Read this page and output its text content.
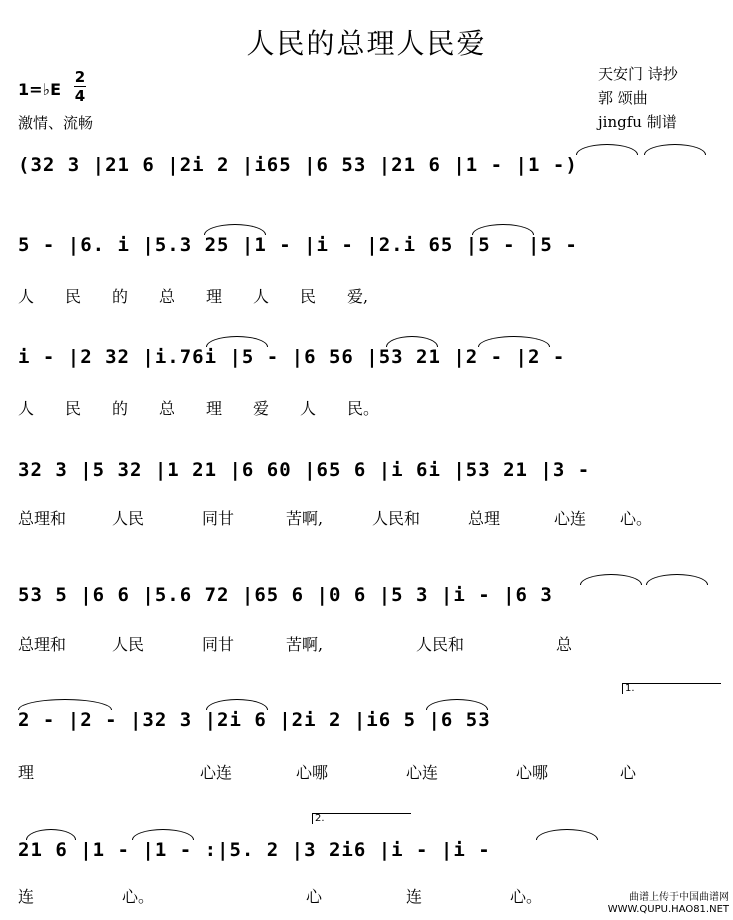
人民的总理人民爱
1=♭E
2
4
激情、流畅
天安门 诗抄
郭 颂曲
jingfu 制谱
(32 3 |21 6 |2i 2 |i65 |6 53 |21 6 |1 - |1 -)
5 - |6. i |5.3 25 |1 - |i - |2.i 65 |5 - |5 -
人 民 的 总 理 人 民 爱,
i - |2 32 |i.76i |5 - |6 56 |53 21 |2 - |2 -
人 民 的 总 理 爱 人 民。
32 3 |5 32 |1 21 |6 60 |65 6 |i 6i |53 21 |3 -
总理和	人民	同甘	苦啊,	人民和	总理	心连 心。
53 5 |6 6 |5.6 72 |65 6 |0 6 |5 3 |i - |6 3
总理和	人民	同甘	苦啊,	人民和	总
2 - |2 - |32 3 |2i 6 |2i 2 |i6 5 |6 53
1.
理	心连	心哪	心连	心哪	心
21 6 |1 - |1 - :|5. 2 |3 2i6 |i - |i -
2.
连	心。	心	连	心。	曲谱上传于中国曲谱网
WWW.QUPU.HAO81.NET
